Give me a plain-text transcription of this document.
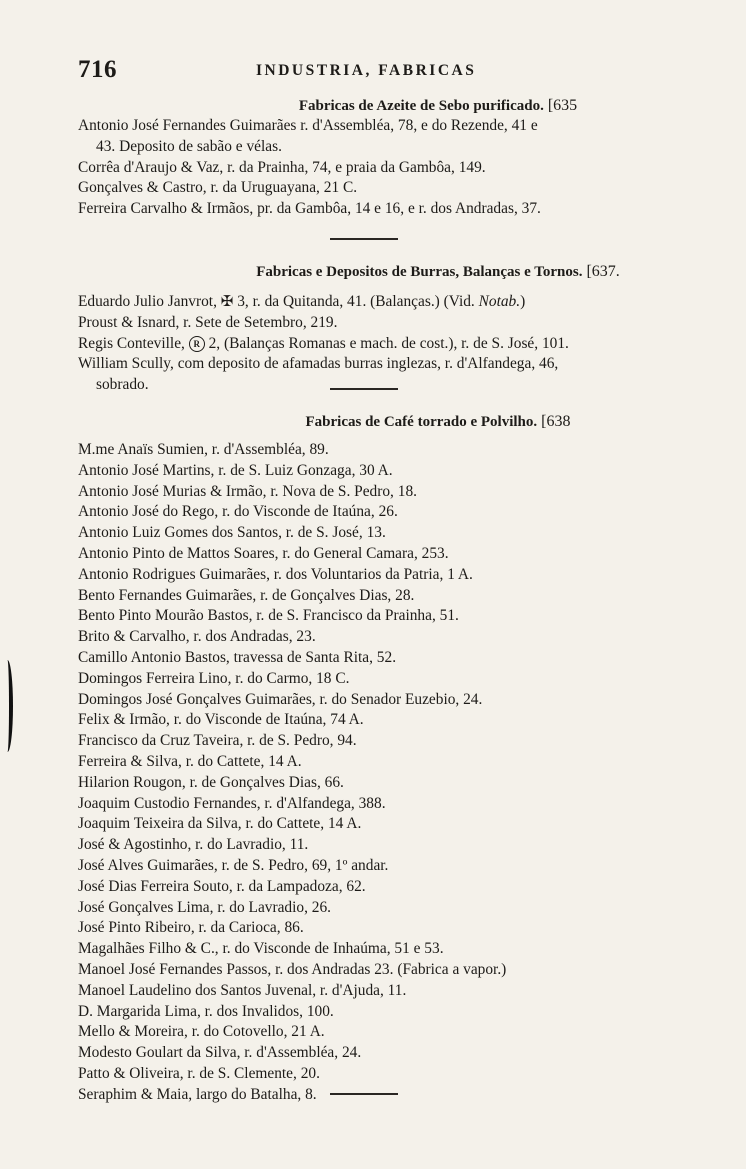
716	INDUSTRIA, FABRICAS
Fabricas de Azeite de Sebo purificado. [635
Antonio José Fernandes Guimarães r. d'Assembléa, 78, e do Rezende, 41 e
43. Deposito de sabão e vélas.
Corrêa d'Araujo & Vaz, r. da Prainha, 74, e praia da Gambôa, 149.
Gonçalves & Castro, r. da Uruguayana, 21 C.
Ferreira Carvalho & Irmãos, pr. da Gambôa, 14 e 16, e r. dos Andradas, 37.
Fabricas e Depositos de Burras, Balanças e Tornos. [637.
Eduardo Julio Janvrot, ✠ 3, r. da Quitanda, 41. (Balanças.) (Vid. Notab.)
Proust & Isnard, r. Sete de Setembro, 219.
Regis Conteville, R 2, (Balanças Romanas e mach. de cost.), r. de S. José, 101.
William Scully, com deposito de afamadas burras inglezas, r. d'Alfandega, 46,
sobrado.
Fabricas de Café torrado e Polvilho. [638
M.me Anaïs Sumien, r. d'Assembléa, 89.
Antonio José Martins, r. de S. Luiz Gonzaga, 30 A.
Antonio José Murias & Irmão, r. Nova de S. Pedro, 18.
Antonio José do Rego, r. do Visconde de Itaúna, 26.
Antonio Luiz Gomes dos Santos, r. de S. José, 13.
Antonio Pinto de Mattos Soares, r. do General Camara, 253.
Antonio Rodrigues Guimarães, r. dos Voluntarios da Patria, 1 A.
Bento Fernandes Guimarães, r. de Gonçalves Dias, 28.
Bento Pinto Mourão Bastos, r. de S. Francisco da Prainha, 51.
Brito & Carvalho, r. dos Andradas, 23.
Camillo Antonio Bastos, travessa de Santa Rita, 52.
Domingos Ferreira Lino, r. do Carmo, 18 C.
Domingos José Gonçalves Guimarães, r. do Senador Euzebio, 24.
Felix & Irmão, r. do Visconde de Itaúna, 74 A.
Francisco da Cruz Taveira, r. de S. Pedro, 94.
Ferreira & Silva, r. do Cattete, 14 A.
Hilarion Rougon, r. de Gonçalves Dias, 66.
Joaquim Custodio Fernandes, r. d'Alfandega, 388.
Joaquim Teixeira da Silva, r. do Cattete, 14 A.
José & Agostinho, r. do Lavradio, 11.
José Alves Guimarães, r. de S. Pedro, 69, 1º andar.
José Dias Ferreira Souto, r. da Lampadoza, 62.
José Gonçalves Lima, r. do Lavradio, 26.
José Pinto Ribeiro, r. da Carioca, 86.
Magalhães Filho & C., r. do Visconde de Inhaúma, 51 e 53.
Manoel José Fernandes Passos, r. dos Andradas 23. (Fabrica a vapor.)
Manoel Laudelino dos Santos Juvenal, r. d'Ajuda, 11.
D. Margarida Lima, r. dos Invalidos, 100.
Mello & Moreira, r. do Cotovello, 21 A.
Modesto Goulart da Silva, r. d'Assembléa, 24.
Patto & Oliveira, r. de S. Clemente, 20.
Seraphim & Maia, largo do Batalha, 8.
